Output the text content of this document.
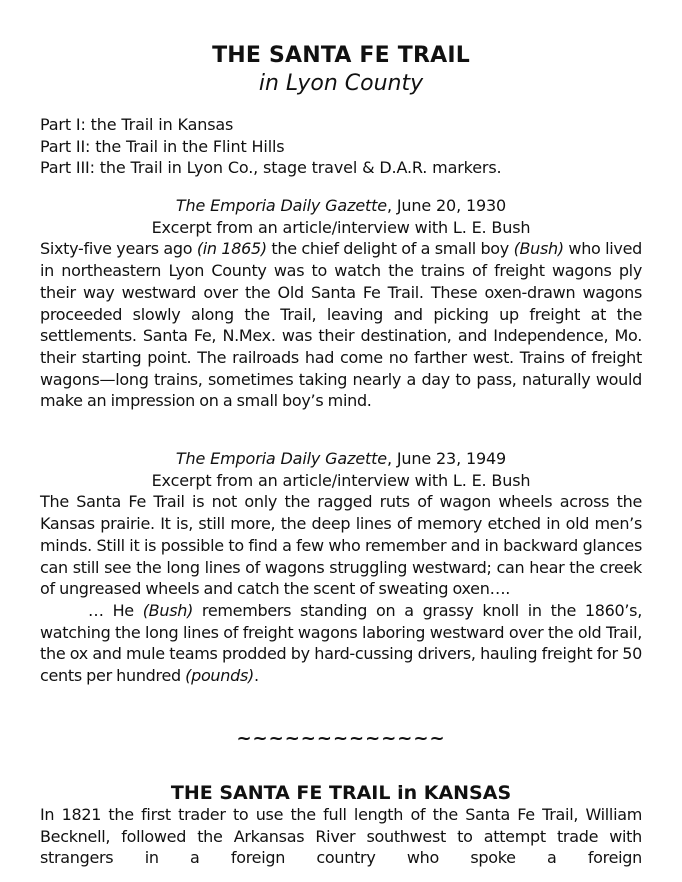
THE SANTA FE TRAIL
in Lyon County
Part I: the Trail in Kansas
Part II: the Trail in the Flint Hills
Part III: the Trail in Lyon Co., stage travel & D.A.R. markers.
The Emporia Daily Gazette, June 20, 1930
Excerpt from an article/interview with L. E. Bush
Sixty-five years ago (in 1865) the chief delight of a small boy (Bush) who lived in northeastern Lyon County was to watch the trains of freight wagons ply their way westward over the Old Santa Fe Trail. These oxen-drawn wagons proceeded slowly along the Trail, leaving and picking up freight at the settlements. Santa Fe, N.Mex. was their destination, and Independence, Mo. their starting point. The railroads had come no farther west. Trains of freight wagons—long trains, sometimes taking nearly a day to pass, naturally would make an impression on a small boy’s mind.
The Emporia Daily Gazette, June 23, 1949
Excerpt from an article/interview with L. E. Bush
The Santa Fe Trail is not only the ragged ruts of wagon wheels across the Kansas prairie. It is, still more, the deep lines of memory etched in old men’s minds. Still it is possible to find a few who remember and in backward glances can still see the long lines of wagons struggling westward; can hear the creek of ungreased wheels and catch the scent of sweating oxen….
… He (Bush) remembers standing on a grassy knoll in the 1860’s, watching the long lines of freight wagons laboring westward over the old Trail, the ox and mule teams prodded by hard-cussing drivers, hauling freight for 50 cents per hundred (pounds).
~~~~~~~~~~~~~
THE SANTA FE TRAIL in KANSAS
In 1821 the first trader to use the full length of the Santa Fe Trail, William Becknell, followed the Arkansas River southwest to attempt trade with strangers in a foreign country who spoke a foreign
